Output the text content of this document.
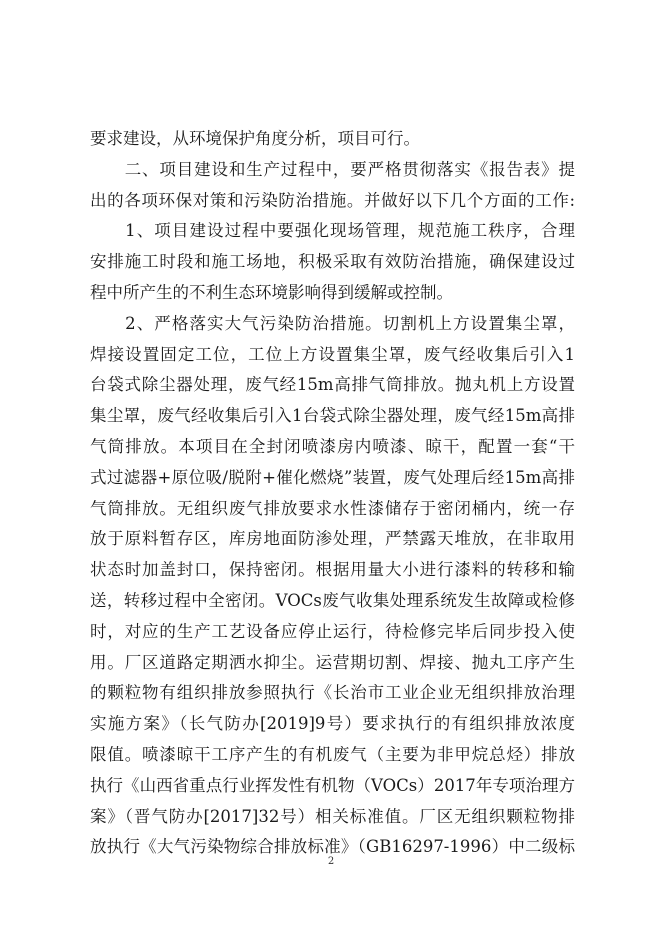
要求建设，从环境保护角度分析，项目可行。
　　二、项目建设和生产过程中，要严格贯彻落实《报告表》提
出的各项环保对策和污染防治措施。并做好以下几个方面的工作:
　　1、项目建设过程中要强化现场管理，规范施工秩序，合理
安排施工时段和施工场地，积极采取有效防治措施，确保建设过
程中所产生的不利生态环境影响得到缓解或控制。
　　2、严格落实大气污染防治措施。切割机上方设置集尘罩，
焊接设置固定工位，工位上方设置集尘罩，废气经收集后引入1
台袋式除尘器处理，废气经15m高排气筒排放。抛丸机上方设置
集尘罩，废气经收集后引入1台袋式除尘器处理，废气经15m高排
气筒排放。本项目在全封闭喷漆房内喷漆、晾干，配置一套“干
式过滤器+原位吸/脱附+催化燃烧”装置，废气处理后经15m高排
气筒排放。无组织废气排放要求水性漆储存于密闭桶内，统一存
放于原料暂存区，库房地面防渗处理，严禁露天堆放，在非取用
状态时加盖封口，保持密闭。根据用量大小进行漆料的转移和输
送，转移过程中全密闭。VOCs废气收集处理系统发生故障或检修
时，对应的生产工艺设备应停止运行，待检修完毕后同步投入使
用。厂区道路定期洒水抑尘。运营期切割、焊接、抛丸工序产生
的颗粒物有组织排放参照执行《长治市工业企业无组织排放治理
实施方案》（长气防办[2019]9号）要求执行的有组织排放浓度
限值。喷漆晾干工序产生的有机废气（主要为非甲烷总烃）排放
执行《山西省重点行业挥发性有机物（VOCs）2017年专项治理方
案》（晋气防办[2017]32号）相关标准值。厂区无组织颗粒物排
放执行《大气污染物综合排放标准》（GB16297-1996）中二级标
2
